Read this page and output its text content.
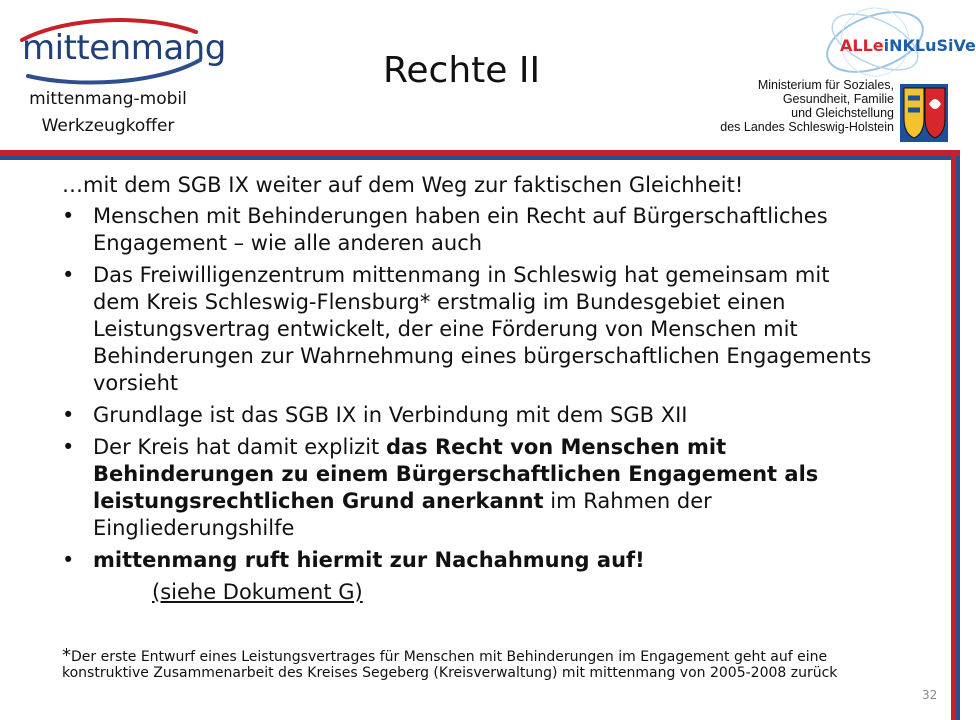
mittenmang
mittenmang-mobil
Werkzeugkoffer
Rechte II
ALLeiNKLuSiVe
Ministerium für Soziales,
Gesundheit, Familie
und Gleichstellung
des Landes Schleswig-Holstein
…mit dem SGB IX weiter auf dem Weg zur faktischen Gleichheit!
• Menschen mit Behinderungen haben ein Recht auf Bürgerschaftliches Engagement – wie alle anderen auch
• Das Freiwilligenzentrum mittenmang in Schleswig hat gemeinsam mit dem Kreis Schleswig-Flensburg* erstmalig im Bundesgebiet einen Leistungsvertrag entwickelt, der eine Förderung von Menschen mit Behinderungen zur Wahrnehmung eines bürgerschaftlichen Engagements vorsieht
• Grundlage ist das SGB IX in Verbindung mit dem SGB XII
• Der Kreis hat damit explizit das Recht von Menschen mit Behinderungen zu einem Bürgerschaftlichen Engagement als leistungsrechtlichen Grund anerkannt im Rahmen der Eingliederungshilfe
• mittenmang ruft hiermit zur Nachahmung auf!
(siehe Dokument G)
*Der erste Entwurf eines Leistungsvertrages für Menschen mit Behinderungen im Engagement geht auf eine konstruktive Zusammenarbeit des Kreises Segeberg (Kreisverwaltung) mit mittenmang von 2005-2008 zurück
32
